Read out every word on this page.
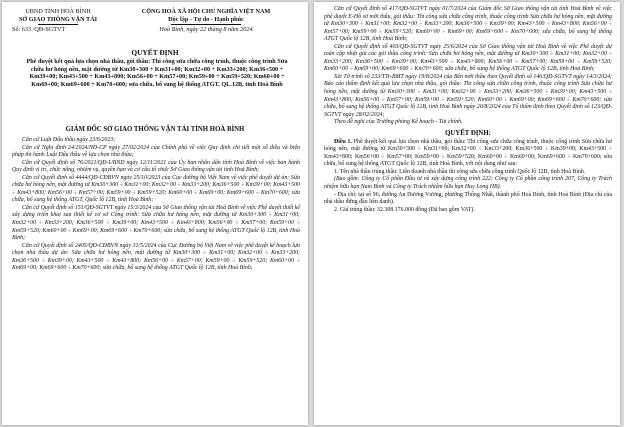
UBND TỈNH HOÀ BÌNH
SỞ GIAO THÔNG VẬN TẢI
Số: 633 /QĐ-SGTVT
CỘNG HOÀ XÃ HỘI CHỦ NGHĨA VIỆT NAM
Độc lập - Tự do - Hạnh phúc
Hoà Bình, ngày 22 tháng 8 năm 2024
QUYẾT ĐỊNH
Phê duyệt kết quả lựa chọn nhà thầu, gói thầu: Thi công sửa chữa công trình, thuộc công trình Sửa chữa hư hỏng nền, mặt đường từ Km30+300 ÷ Km31+00; Km32+00 ÷ Km33+200; Km36+500 ÷ Km39+00; Km43+500 ÷ Km43+800; Km56+00 ÷ Km57+00; Km59+00 ÷ Km59+520; Km60+00 ÷ Km69+00; Km69+600 ÷ Km70+600; sửa chữa, bổ sung hệ thống ATGT, QL.12B, tỉnh Hoà Bình
GIÁM ĐỐC SỞ GIAO THÔNG VẬN TẢI TỈNH HOÀ BÌNH

Căn cứ Luật Đấu thầu ngày 23/6/2023;

Căn cứ Nghị định 24/2024/NĐ-CP ngày 27/02/2024 của Chính phủ về việc Quy định chi tiết một số điều và biện pháp thi hành Luật Đấu thầu về lựa chọn nhà thầu;

Căn cứ Quyết định số 76/2021/QĐ-UBND ngày 12/11/2021 của Ủy ban nhân dân tỉnh Hoà Bình về việc ban hành Quy định vị trí, chức năng, nhiệm vụ, quyền hạn và cơ cấu tổ chức Sở Giao thông vận tải tỉnh Hoà Bình;

Căn cứ Quyết định số 4444/QĐ-CĐBVN ngày 25/10/2023 của Cục đường bộ Việt Nam về việc phê duyệt dự án: Sửa chữa hư hỏng nền, mặt đường từ Km30+300 ÷ Km31+00; Km32+00 ÷ Km33+200; Km36+500 ÷ Km39+00; Km43+500 ÷ Km43+800; Km56+00 ÷ Km57+00; Km59+00 ÷ Km59+520; Km60+00 ÷ Km69+00; Km69+600 ÷ Km70+600; sửa chữa, bổ sung hệ thống ATGT, Quốc lộ 12B, tỉnh Hoà Bình;

Căn cứ Quyết định số 151/QĐ-SGTVT ngày 15/3/2024 của Sở Giao thông vận tải Hoà Bình về việc Phê duyệt thiết kế xây dựng triển khai sau thiết kế cơ sở Công trình: Sửa chữa hư hỏng nền, mặt đường từ Km30+300 ÷ Km31+00; Km32+00 ÷ Km33+200; Km36+500 ÷ Km39+00; Km43+500 ÷ Km43+800; Km56+00 ÷ Km57+00; Km59+00 ÷ Km59+520; Km60+00 ÷ Km69+00; Km69+600 ÷ Km70+600; sửa chữa, bổ sung hệ thống ATGT Quốc lộ 12B, tỉnh Hoà Bình;

Căn cứ Quyết định số 2405/QĐ-CĐBVN ngày 31/5/2024 của Cục Đường bộ Việt Nam về việc phê duyệt kế hoạch lựa chọn nhà thầu dự án: Sửa chữa hư hỏng nền, mặt đường từ Km30+300 ÷ Km31+00; Km32+00 ÷ Km33+200; Km36+500 ÷ Km39+00; Km43+500 ÷ Km43+800; Km56+00 ÷ Km57+00; Km59+00 ÷ Km59+520; Km60+00 ÷ Km69+00; Km69+600 ÷ Km70+600; sửa chữa, bổ sung hệ thống ATGT Quốc lộ 12B, tỉnh Hoà Bình;

Căn cứ Quyết định số 417/QĐ-SGTVT ngày 01/7/2024 của Giám đốc Sở Giao thông vận tải tỉnh Hoà Bình về việc phê duyệt E-Hồ sơ mời thầu, gói thầu: Thi công sửa chữa công trình, thuộc công trình Sửa chữa hư hỏng nền, mặt đường từ Km30+300 ÷ Km31+00; Km32+00 ÷ Km33+200; Km36+500 ÷ Km39+00; Km43+500 ÷ Km43+800; Km56+00 ÷ Km57+00; Km59+00 ÷ Km59+520; Km60+00 ÷ Km69+00; Km69+600 ÷ Km70+600; sửa chữa, bổ sung hệ thống ATGT Quốc lộ 12B, tỉnh Hoà Bình;

Căn cứ Quyết định số 403/QĐ-SGTVT ngày 25/6/2024 của Sở Giao thông vận tải Hoà Bình về việc Phê duyệt dự toán cập nhật giá các gói thầu công trình: Sửa chữa hư hỏng nền, mặt đường từ Km30+300 ÷ Km31+00; Km32+00 ÷ Km33+200; Km36+500 ÷ Km39+00; Km43+500 ÷ Km43+800; Km56+00 ÷ Km57+00; Km59+00 ÷ Km59+520; Km60+00 ÷ Km69+00; Km69+600 ÷ Km70+600; sửa chữa, bổ sung hệ thống ATGT Quốc lộ 12B, tỉnh Hoà Bình;

Xét Tờ trình số 233/TTr-BMT ngày 19/8/2024 của Bên mời thầu theo Quyết định số 146/QĐ-SGTVT ngày 14/3/2024; Báo cáo thẩm định kết quả lựa chọn nhà thầu, gói thầu: Thi công sửa chữa công trình, thuộc công trình Sửa chữa hư hỏng nền, mặt đường từ Km30+300 ÷ Km31+00; Km32+00 ÷ Km33+200; Km36+500 ÷ Km39+00; Km43+500 ÷ Km43+800; Km56+00 ÷ Km57+00; Km59+00 ÷ Km59+520; Km60+00 ÷ Km69+00; Km69+600 ÷ Km70+600; sửa chữa, bổ sung hệ thống ATGT Quốc lộ 12B, tỉnh Hoà Bình ngày 20/8/2024 của Tổ thẩm định theo Quyết định số 123/QĐ-SGTVT ngày 28/02/2024;

Theo đề nghị của Trưởng phòng Kế hoạch - Tài chính.

QUYẾT ĐỊNH:

Điều 1. Phê duyệt kết quả lựa chọn nhà thầu, gói thầu: Thi công sửa chữa công trình, thuộc công trình Sửa chữa hư hỏng nền, mặt đường từ Km30+300 ÷ Km31+00; Km32+00 ÷ Km33+200; Km36+500 ÷ Km39+00; Km43+500 ÷ Km43+800; Km56+00 ÷ Km57+00; Km59+00 ÷ Km59+520; Km60+00 ÷ Km69+00; Km69+600 ÷ Km70+600; sửa chữa, bổ sung hệ thống ATGT Quốc lộ 12B, tỉnh Hoà Bình, với nội dung như sau:

1. Tên nhà thầu trúng thầu: Liên doanh nhà thầu thi công sửa chữa công trình Quốc lộ 12B, tỉnh Hoà Bình.

(Bao gồm: Công ty Cổ phần Đầu tư và xây dựng công trình 222; Công ty Cổ phần công trình 207, Công ty Trách nhiệm hữu hạn Nam Bình và Công ty Trách nhiệm hữu hạn Huy Long HB).

- Địa chỉ: tại số 96, đường An Dương Vương, phường Thống Nhất, thành phố Hoà Bình, tỉnh Hoà Bình (Địa chỉ của nhà thầu đứng đầu liên danh).

2. Giá trúng thầu: 32.308.176.000 đồng (Đã bao gồm VAT).
